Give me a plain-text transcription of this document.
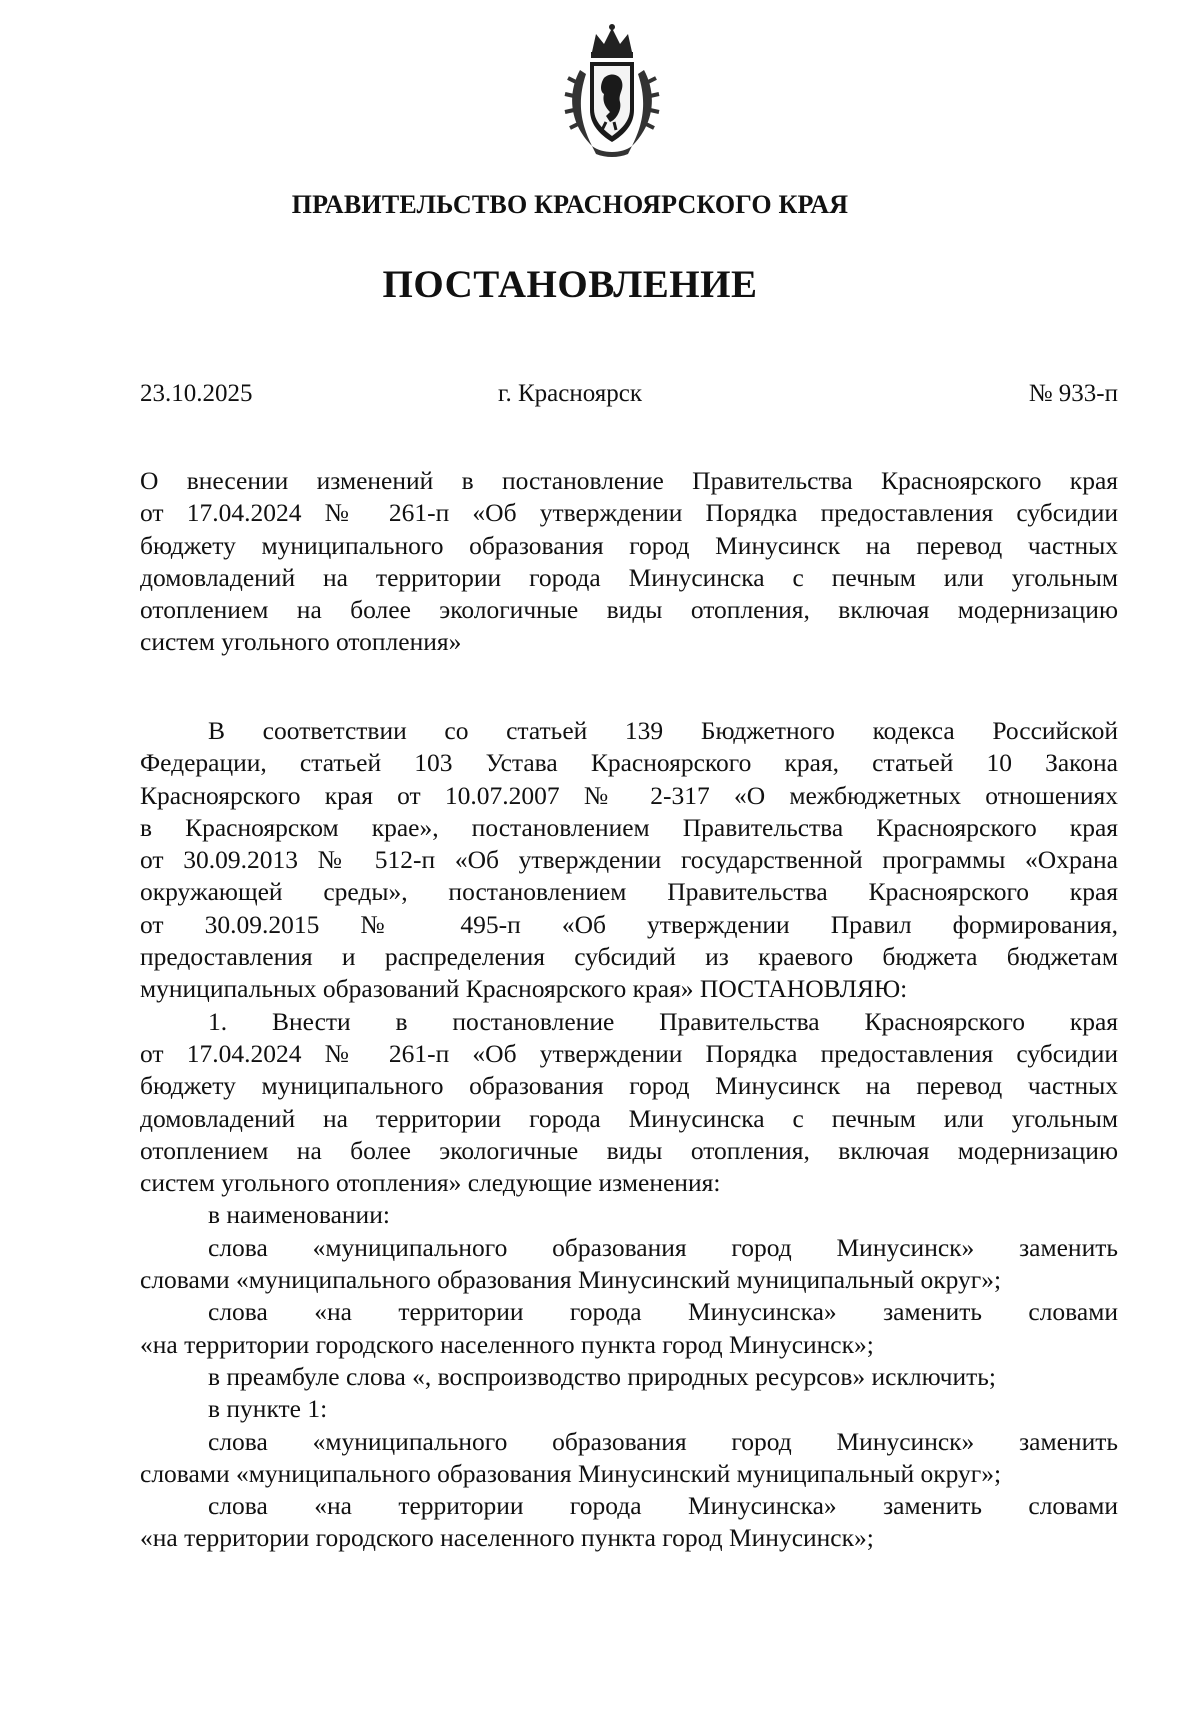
ПРАВИТЕЛЬСТВО КРАСНОЯРСКОГО КРАЯ
ПОСТАНОВЛЕНИЕ
23.10.2025	г. Красноярск	№ 933-п
О внесении изменений в постановление Правительства Красноярского края
от 17.04.2024 № 261-п «Об утверждении Порядка предоставления субсидии
бюджету муниципального образования город Минусинск на перевод частных
домовладений на территории города Минусинска с печным или угольным
отоплением на более экологичные виды отопления, включая модернизацию
систем угольного отопления»
В соответствии со статьей 139 Бюджетного кодекса Российской
Федерации, статьей 103 Устава Красноярского края, статьей 10 Закона
Красноярского края от 10.07.2007 № 2-317 «О межбюджетных отношениях
в Красноярском крае», постановлением Правительства Красноярского края
от 30.09.2013 № 512-п «Об утверждении государственной программы «Охрана
окружающей среды», постановлением Правительства Красноярского края
от 30.09.2015 № 495-п «Об утверждении Правил формирования,
предоставления и распределения субсидий из краевого бюджета бюджетам
муниципальных образований Красноярского края» ПОСТАНОВЛЯЮ:
1. Внести в постановление Правительства Красноярского края
от 17.04.2024 № 261-п «Об утверждении Порядка предоставления субсидии
бюджету муниципального образования город Минусинск на перевод частных
домовладений на территории города Минусинска с печным или угольным
отоплением на более экологичные виды отопления, включая модернизацию
систем угольного отопления» следующие изменения:
в наименовании:
слова «муниципального образования город Минусинск» заменить
словами «муниципального образования Минусинский муниципальный округ»;
слова «на территории города Минусинска» заменить словами
«на территории городского населенного пункта город Минусинск»;
в преамбуле слова «, воспроизводство природных ресурсов» исключить;
в пункте 1:
слова «муниципального образования город Минусинск» заменить
словами «муниципального образования Минусинский муниципальный округ»;
слова «на территории города Минусинска» заменить словами
«на территории городского населенного пункта город Минусинск»;
